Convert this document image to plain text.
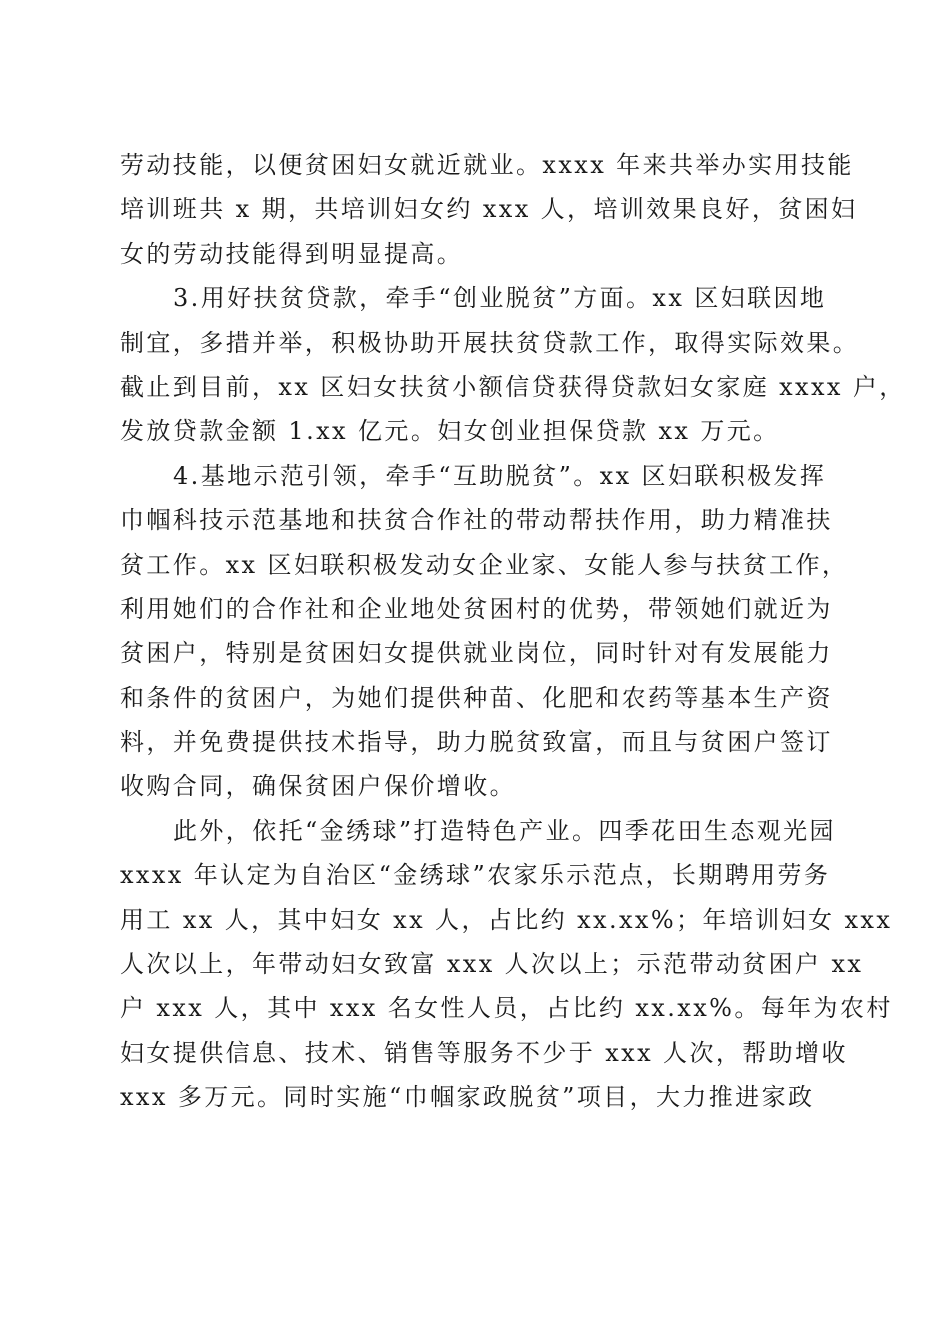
劳动技能，以便贫困妇女就近就业。xxxx 年来共举办实用技能
培训班共 x 期，共培训妇女约 xxx 人，培训效果良好，贫困妇
女的劳动技能得到明显提高。
3.用好扶贫贷款，牵手“创业脱贫”方面。xx 区妇联因地
制宜，多措并举，积极协助开展扶贫贷款工作，取得实际效果。
截止到目前，xx 区妇女扶贫小额信贷获得贷款妇女家庭 xxxx 户，
发放贷款金额 1.xx 亿元。妇女创业担保贷款 xx 万元。
4.基地示范引领，牵手“互助脱贫”。xx 区妇联积极发挥
巾帼科技示范基地和扶贫合作社的带动帮扶作用，助力精准扶
贫工作。xx 区妇联积极发动女企业家、女能人参与扶贫工作，
利用她们的合作社和企业地处贫困村的优势，带领她们就近为
贫困户，特别是贫困妇女提供就业岗位，同时针对有发展能力
和条件的贫困户，为她们提供种苗、化肥和农药等基本生产资
料，并免费提供技术指导，助力脱贫致富，而且与贫困户签订
收购合同，确保贫困户保价增收。
此外，依托“金绣球”打造特色产业。四季花田生态观光园
xxxx 年认定为自治区“金绣球”农家乐示范点，长期聘用劳务
用工 xx 人，其中妇女 xx 人，占比约 xx.xx%；年培训妇女 xxx
人次以上，年带动妇女致富 xxx 人次以上；示范带动贫困户 xx
户 xxx 人，其中 xxx 名女性人员，占比约 xx.xx%。每年为农村
妇女提供信息、技术、销售等服务不少于 xxx 人次，帮助增收
xxx 多万元。同时实施“巾帼家政脱贫”项目，大力推进家政
